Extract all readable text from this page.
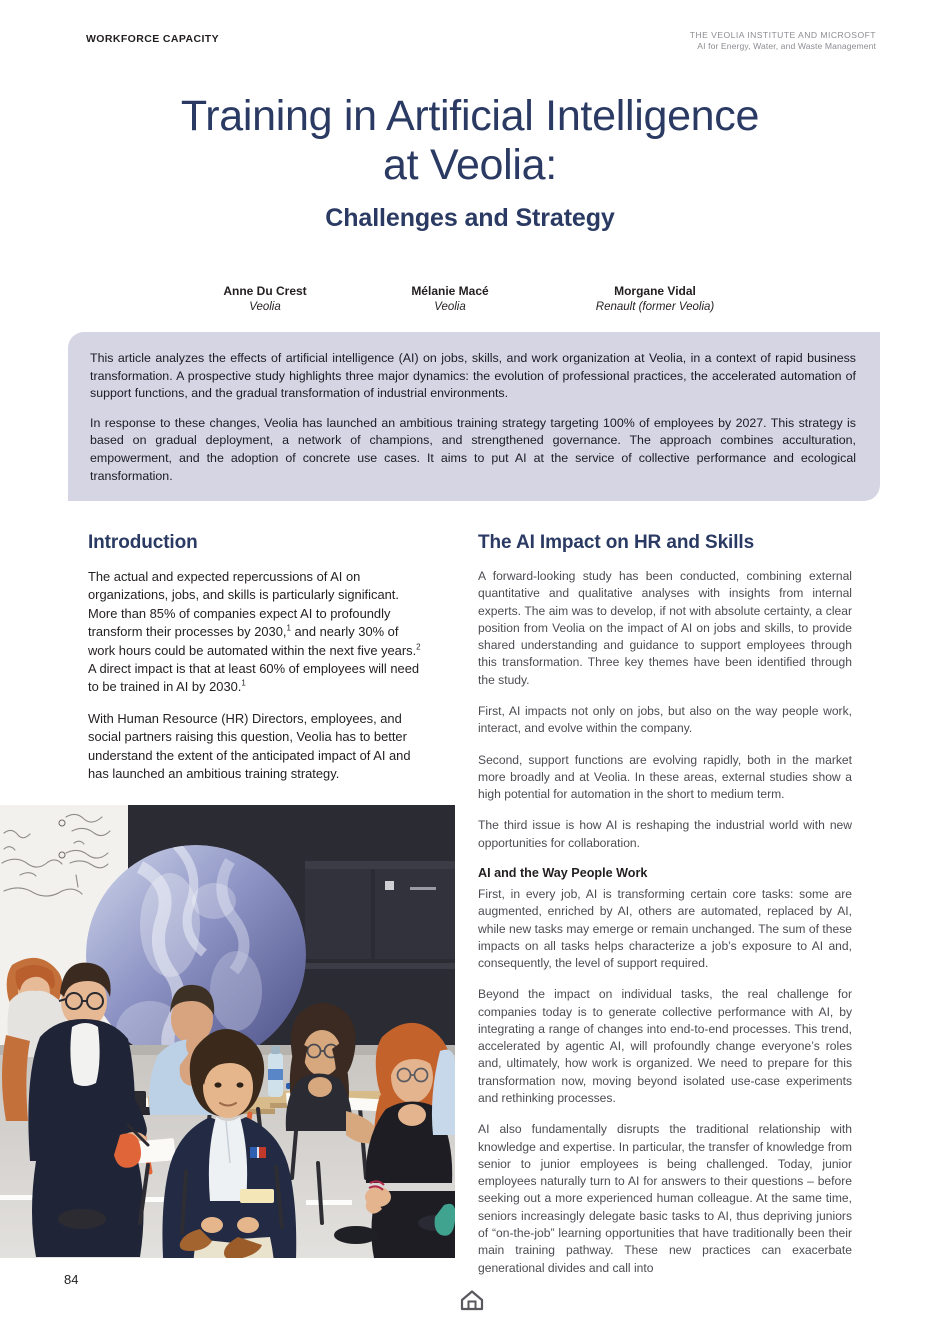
WORKFORCE CAPACITY	THE VEOLIA INSTITUTE AND MICROSOFT
AI for Energy, Water, and Waste Management
Training in Artificial Intelligence
at Veolia:
Challenges and Strategy
Anne Du Crest
Veolia
Mélanie Macé
Veolia
Morgane Vidal
Renault (former Veolia)

This article analyzes the effects of artificial intelligence (AI) on jobs, skills, and work organization at Veolia, in a context of rapid business transformation. A prospective study highlights three major dynamics: the evolution of professional practices, the accelerated automation of support functions, and the gradual transformation of industrial environments.

In response to these changes, Veolia has launched an ambitious training strategy targeting 100% of employees by 2027. This strategy is based on gradual deployment, a network of champions, and strengthened governance. The approach combines acculturation, empowerment, and the adoption of concrete use cases. It aims to put AI at the service of collective performance and ecological transformation.

Introduction

The actual and expected repercussions of AI on organizations, jobs, and skills is particularly significant. More than 85% of companies expect AI to profoundly transform their processes by 2030,$^1$ and nearly 30% of work hours could be automated within the next five years.$^2$ A direct impact is that at least 60% of employees will need to be trained in AI by 2030.$^1$

With Human Resource (HR) Directors, employees, and social partners raising this question, Veolia has to better understand the extent of the anticipated impact of AI and has launched an ambitious training strategy.

The AI Impact on HR and Skills

A forward-looking study has been conducted, combining external quantitative and qualitative analyses with insights from internal experts. The aim was to develop, if not with absolute certainty, a clear position from Veolia on the impact of AI on jobs and skills, to provide shared understanding and guidance to support employees through this transformation. Three key themes have been identified through the study.

First, AI impacts not only on jobs, but also on the way people work, interact, and evolve within the company.

Second, support functions are evolving rapidly, both in the market more broadly and at Veolia. In these areas, external studies show a high potential for automation in the short to medium term.

The third issue is how AI is reshaping the industrial world with new opportunities for collaboration.

AI and the Way People Work

First, in every job, AI is transforming certain core tasks: some are augmented, enriched by AI, others are automated, replaced by AI, while new tasks may emerge or remain unchanged. The sum of these impacts on all tasks helps characterize a job’s exposure to AI and, consequently, the level of support required.

Beyond the impact on individual tasks, the real challenge for companies today is to generate collective performance with AI, by integrating a range of changes into end-to-end processes. This trend, accelerated by agentic AI, will profoundly change everyone’s roles and, ultimately, how work is organized. We need to prepare for this transformation now, moving beyond isolated use-case experiments and rethinking processes.

AI also fundamentally disrupts the traditional relationship with knowledge and expertise. In particular, the transfer of knowledge from senior to junior employees is being challenged. Today, junior employees naturally turn to AI for answers to their questions – before seeking out a more experienced human colleague. At the same time, seniors increasingly delegate basic tasks to AI, thus depriving juniors of “on-the-job” learning opportunities that have traditionally been their main training pathway. These new practices can exacerbate generational divides and call into

84
